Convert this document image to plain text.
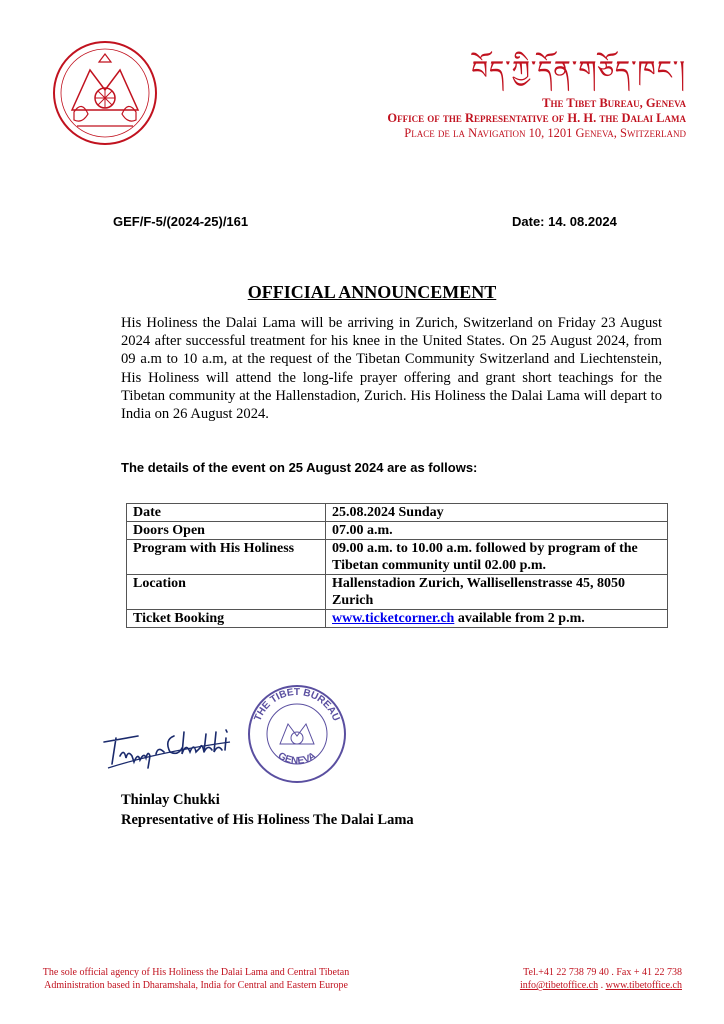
བོད་ཀྱི་དོན་གཅོད་ཁང་།
The Tibet Bureau, Geneva
Office of the Representative of H. H. the Dalai Lama
Place de la Navigation 10, 1201 Geneva, Switzerland
GEF/F-5/(2024-25)/161	Date: 14. 08.2024
OFFICIAL ANNOUNCEMENT
His Holiness the Dalai Lama will be arriving in Zurich, Switzerland on Friday 23 August 2024 after successful treatment for his knee in the United States. On 25 August 2024, from 09 a.m to 10 a.m, at the request of the Tibetan Community Switzerland and Liechtenstein, His Holiness will attend the long-life prayer offering and grant short teachings for the Tibetan community at the Hallenstadion, Zurich. His Holiness the Dalai Lama will depart to India on 26 August 2024.
The details of the event on 25 August 2024 are as follows:
Date	25.08.2024 Sunday
Doors Open	07.00 a.m.
Program with His Holiness	09.00 a.m. to 10.00 a.m. followed by program of the Tibetan community until 02.00 p.m.
Location	Hallenstadion Zurich, Wallisellenstrasse 45, 8050 Zurich
Ticket Booking	www.ticketcorner.ch available from 2 p.m.
THE TIBET BUREAU
GENEVA
Thinlay Chukki
Representative of His Holiness The Dalai Lama
The sole official agency of His Holiness the Dalai Lama and Central Tibetan
Administration based in Dharamshala, India for Central and Eastern Europe
Tel.+41 22 738 79 40 . Fax + 41 22 738
info@tibetoffice.ch . www.tibetoffice.ch
